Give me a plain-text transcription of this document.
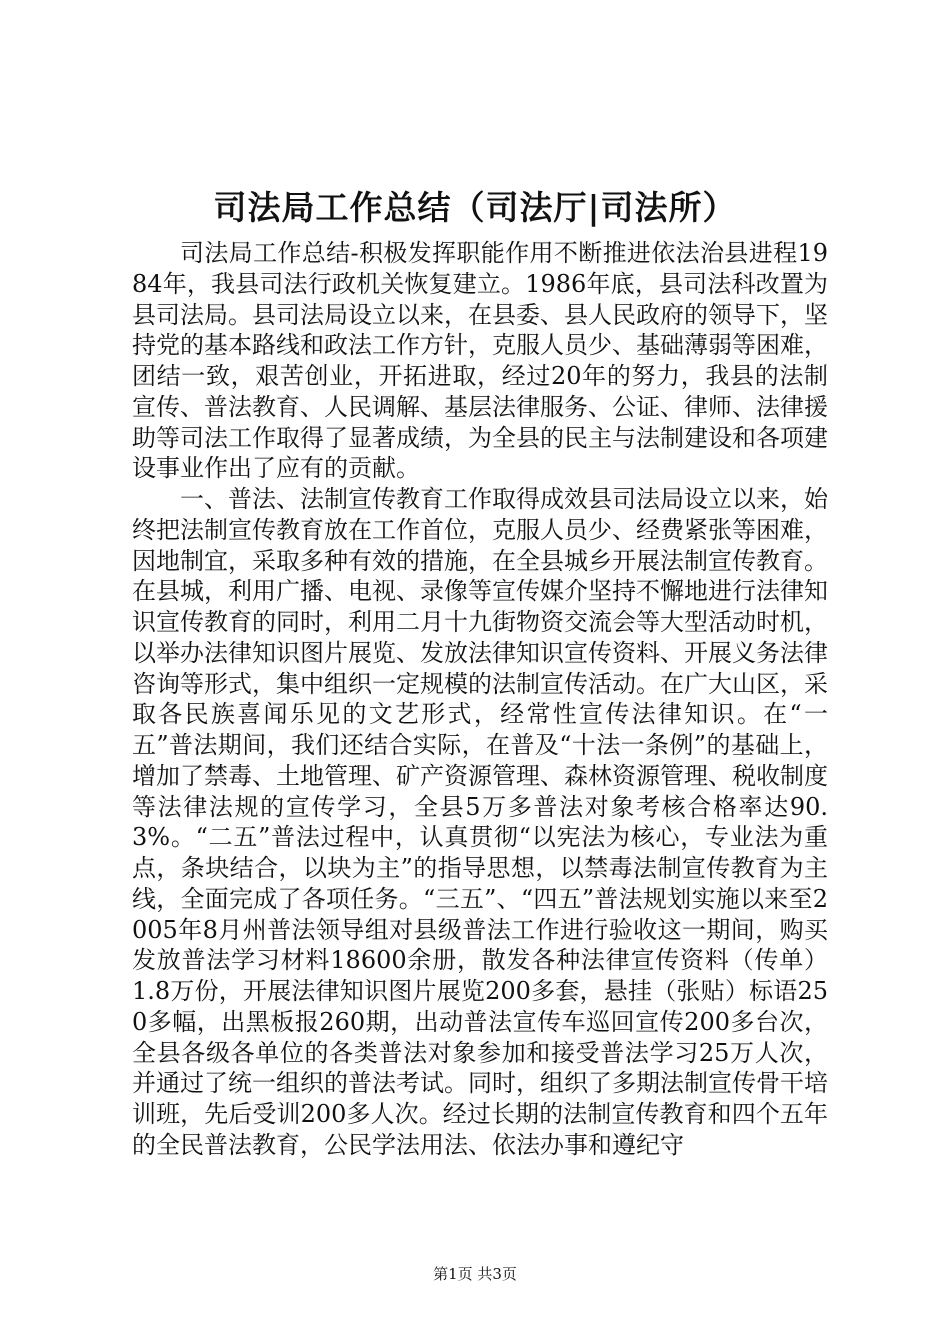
司法局工作总结（司法厅|司法所）

司法局工作总结-积极发挥职能作用不断推进依法治县进程1984年，我县司法行政机关恢复建立。1986年底，县司法科改置为县司法局。县司法局设立以来，在县委、县人民政府的领导下，坚持党的基本路线和政法工作方针，克服人员少、基础薄弱等困难，团结一致，艰苦创业，开拓进取，经过20年的努力，我县的法制宣传、普法教育、人民调解、基层法律服务、公证、律师、法律援助等司法工作取得了显著成绩，为全县的民主与法制建设和各项建设事业作出了应有的贡献。

一、普法、法制宣传教育工作取得成效县司法局设立以来，始终把法制宣传教育放在工作首位，克服人员少、经费紧张等困难，因地制宜，采取多种有效的措施，在全县城乡开展法制宣传教育。在县城，利用广播、电视、录像等宣传媒介坚持不懈地进行法律知识宣传教育的同时，利用二月十九街物资交流会等大型活动时机，以举办法律知识图片展览、发放法律知识宣传资料、开展义务法律咨询等形式，集中组织一定规模的法制宣传活动。在广大山区，采取各民族喜闻乐见的文艺形式，经常性宣传法律知识。在“一五”普法期间，我们还结合实际，在普及“十法一条例”的基础上，增加了禁毒、土地管理、矿产资源管理、森林资源管理、税收制度等法律法规的宣传学习，全县5万多普法对象考核合格率达90.3%。“二五”普法过程中，认真贯彻“以宪法为核心，专业法为重点，条块结合，以块为主”的指导思想，以禁毒法制宣传教育为主线，全面完成了各项任务。“三五”、“四五”普法规划实施以来至2005年8月州普法领导组对县级普法工作进行验收这一期间，购买发放普法学习材料18600余册，散发各种法律宣传资料（传单）1.8万份，开展法律知识图片展览200多套，悬挂（张贴）标语250多幅，出黑板报260期，出动普法宣传车巡回宣传200多台次，全县各级各单位的各类普法对象参加和接受普法学习25万人次，并通过了统一组织的普法考试。同时，组织了多期法制宣传骨干培训班，先后受训200多人次。经过长期的法制宣传教育和四个五年的全民普法教育，公民学法用法、依法办事和遵纪守

第1页 共3页
